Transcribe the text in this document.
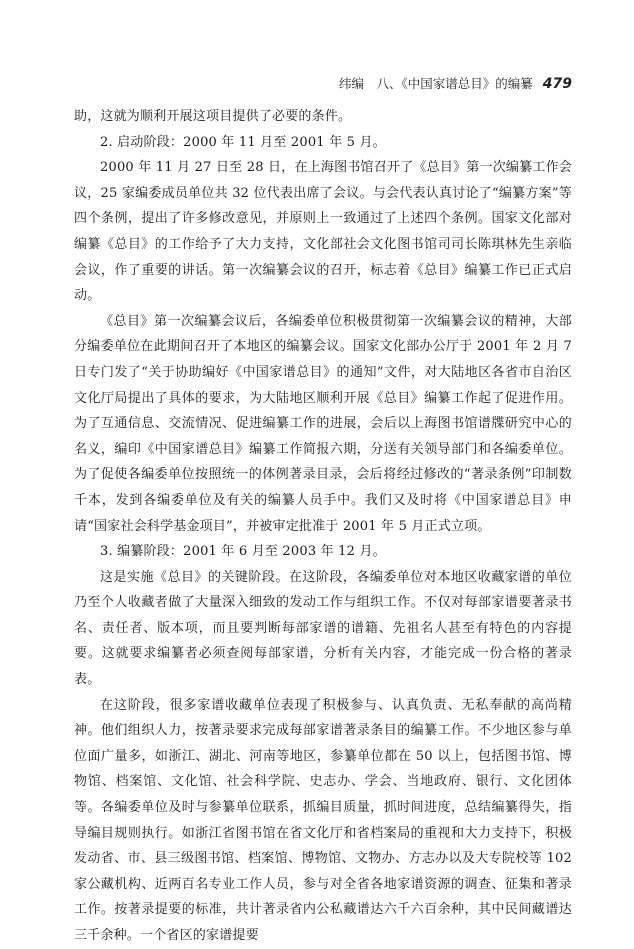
纬编　八、《中国家谱总目》的编纂 479

助，这就为顺利开展这项目提供了必要的条件。

2. 启动阶段：2000 年 11 月至 2001 年 5 月。

2000 年 11 月 27 日至 28 日，在上海图书馆召开了《总目》第一次编纂工作会议，25 家编委成员单位共 32 位代表出席了会议。与会代表认真讨论了“编纂方案”等四个条例，提出了许多修改意见，并原则上一致通过了上述四个条例。国家文化部对编纂《总目》的工作给予了大力支持，文化部社会文化图书馆司司长陈琪林先生亲临会议，作了重要的讲话。第一次编纂会议的召开，标志着《总目》编纂工作已正式启动。

《总目》第一次编纂会议后，各编委单位积极贯彻第一次编纂会议的精神，大部分编委单位在此期间召开了本地区的编纂会议。国家文化部办公厅于 2001 年 2 月 7 日专门发了“关于协助编好《中国家谱总目》的通知”文件，对大陆地区各省市自治区文化厅局提出了具体的要求，为大陆地区顺利开展《总目》编纂工作起了促进作用。为了互通信息、交流情况、促进编纂工作的进展，会后以上海图书馆谱牒研究中心的名义，编印《中国家谱总目》编纂工作简报六期，分送有关领导部门和各编委单位。为了促使各编委单位按照统一的体例著录目录，会后将经过修改的“著录条例”印制数千本，发到各编委单位及有关的编纂人员手中。我们又及时将《中国家谱总目》申请“国家社会科学基金项目”，并被审定批准于 2001 年 5 月正式立项。

3. 编纂阶段：2001 年 6 月至 2003 年 12 月。

这是实施《总目》的关键阶段。在这阶段，各编委单位对本地区收藏家谱的单位乃至个人收藏者做了大量深入细致的发动工作与组织工作。不仅对每部家谱要著录书名、责任者、版本项，而且要判断每部家谱的谱籍、先祖名人甚至有特色的内容提要。这就要求编纂者必须查阅每部家谱，分析有关内容，才能完成一份合格的著录表。

在这阶段，很多家谱收藏单位表现了积极参与、认真负责、无私奉献的高尚精神。他们组织人力，按著录要求完成每部家谱著录条目的编纂工作。不少地区参与单位面广量多，如浙江、湖北、河南等地区，参纂单位都在 50 以上，包括图书馆、博物馆、档案馆、文化馆、社会科学院、史志办、学会、当地政府、银行、文化团体等。各编委单位及时与参纂单位联系，抓编目质量，抓时间进度，总结编纂得失，指导编目规则执行。如浙江省图书馆在省文化厅和省档案局的重视和大力支持下，积极发动省、市、县三级图书馆、档案馆、博物馆、文物办、方志办以及大专院校等 102 家公藏机构、近两百名专业工作人员，参与对全省各地家谱资源的调查、征集和著录工作。按著录提要的标准，共计著录省内公私藏谱达六千六百余种，其中民间藏谱达三千余种。一个省区的家谱提要
